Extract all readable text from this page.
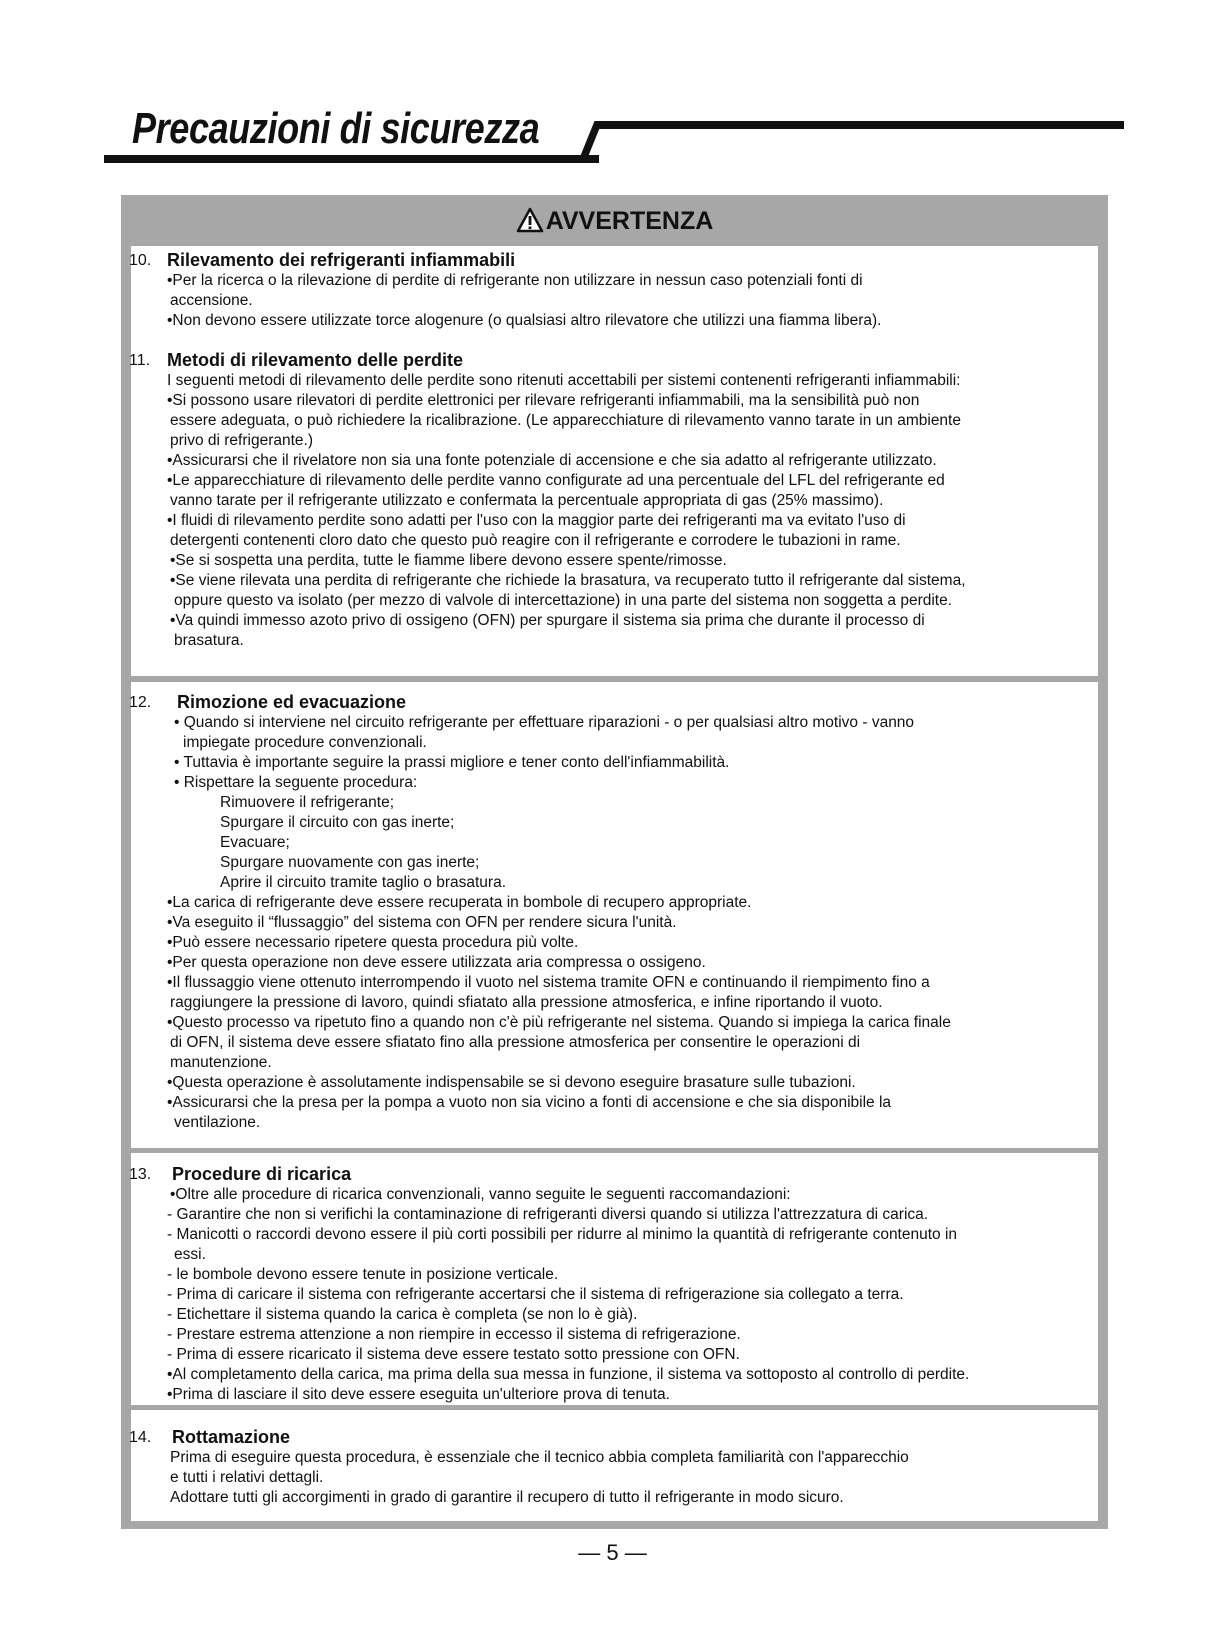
Precauzioni di sicurezza
AVVERTENZA
10. Rilevamento dei refrigeranti infiammabili
•Per la ricerca o la rilevazione di perdite di refrigerante non utilizzare in nessun caso potenziali fonti di
accensione.
•Non devono essere utilizzate torce alogenure (o qualsiasi altro rilevatore che utilizzi una fiamma libera).
11. Metodi di rilevamento delle perdite
I seguenti metodi di rilevamento delle perdite sono ritenuti accettabili per sistemi contenenti refrigeranti infiammabili:
•Si possono usare rilevatori di perdite elettronici per rilevare refrigeranti infiammabili, ma la sensibilità può non
essere adeguata, o può richiedere la ricalibrazione. (Le apparecchiature di rilevamento vanno tarate in un ambiente
privo di refrigerante.)
•Assicurarsi che il rivelatore non sia una fonte potenziale di accensione e che sia adatto al refrigerante utilizzato.
•Le apparecchiature di rilevamento delle perdite vanno configurate ad una percentuale del LFL del refrigerante ed
vanno tarate per il refrigerante utilizzato e confermata la percentuale appropriata di gas (25% massimo).
•I fluidi di rilevamento perdite sono adatti per l'uso con la maggior parte dei refrigeranti ma va evitato l'uso di
detergenti contenenti cloro dato che questo può reagire con il refrigerante e corrodere le tubazioni in rame.
•Se si sospetta una perdita, tutte le fiamme libere devono essere spente/rimosse.
•Se viene rilevata una perdita di refrigerante che richiede la brasatura, va recuperato tutto il refrigerante dal sistema,
oppure questo va isolato (per mezzo di valvole di intercettazione) in una parte del sistema non soggetta a perdite.
•Va quindi immesso azoto privo di ossigeno (OFN) per spurgare il sistema sia prima che durante il processo di
brasatura.
12. Rimozione ed evacuazione
• Quando si interviene nel circuito refrigerante per effettuare riparazioni - o per qualsiasi altro motivo - vanno
impiegate procedure convenzionali.
• Tuttavia è importante seguire la prassi migliore e tener conto dell'infiammabilità.
• Rispettare la seguente procedura:
Rimuovere il refrigerante;
Spurgare il circuito con gas inerte;
Evacuare;
Spurgare nuovamente con gas inerte;
Aprire il circuito tramite taglio o brasatura.
•La carica di refrigerante deve essere recuperata in bombole di recupero appropriate.
•Va eseguito il “flussaggio” del sistema con OFN per rendere sicura l'unità.
•Può essere necessario ripetere questa procedura più volte.
•Per questa operazione non deve essere utilizzata aria compressa o ossigeno.
•Il flussaggio viene ottenuto interrompendo il vuoto nel sistema tramite OFN e continuando il riempimento fino a
raggiungere la pressione di lavoro, quindi sfiatato alla pressione atmosferica, e infine riportando il vuoto.
•Questo processo va ripetuto fino a quando non c'è più refrigerante nel sistema. Quando si impiega la carica finale
di OFN, il sistema deve essere sfiatato fino alla pressione atmosferica per consentire le operazioni di
manutenzione.
•Questa operazione è assolutamente indispensabile se si devono eseguire brasature sulle tubazioni.
•Assicurarsi che la presa per la pompa a vuoto non sia vicino a fonti di accensione e che sia disponibile la
ventilazione.
13. Procedure di ricarica
•Oltre alle procedure di ricarica convenzionali, vanno seguite le seguenti raccomandazioni:
- Garantire che non si verifichi la contaminazione di refrigeranti diversi quando si utilizza l'attrezzatura di carica.
- Manicotti o raccordi devono essere il più corti possibili per ridurre al minimo la quantità di refrigerante contenuto in
essi.
- le bombole devono essere tenute in posizione verticale.
- Prima di caricare il sistema con refrigerante accertarsi che il sistema di refrigerazione sia collegato a terra.
- Etichettare il sistema quando la carica è completa (se non lo è già).
- Prestare estrema attenzione a non riempire in eccesso il sistema di refrigerazione.
- Prima di essere ricaricato il sistema deve essere testato sotto pressione con OFN.
•Al completamento della carica, ma prima della sua messa in funzione, il sistema va sottoposto al controllo di perdite.
•Prima di lasciare il sito deve essere eseguita un'ulteriore prova di tenuta.
14. Rottamazione
Prima di eseguire questa procedura, è essenziale che il tecnico abbia completa familiarità con l'apparecchio
e tutti i relativi dettagli.
Adottare tutti gli accorgimenti in grado di garantire il recupero di tutto il refrigerante in modo sicuro.
— 5 —
